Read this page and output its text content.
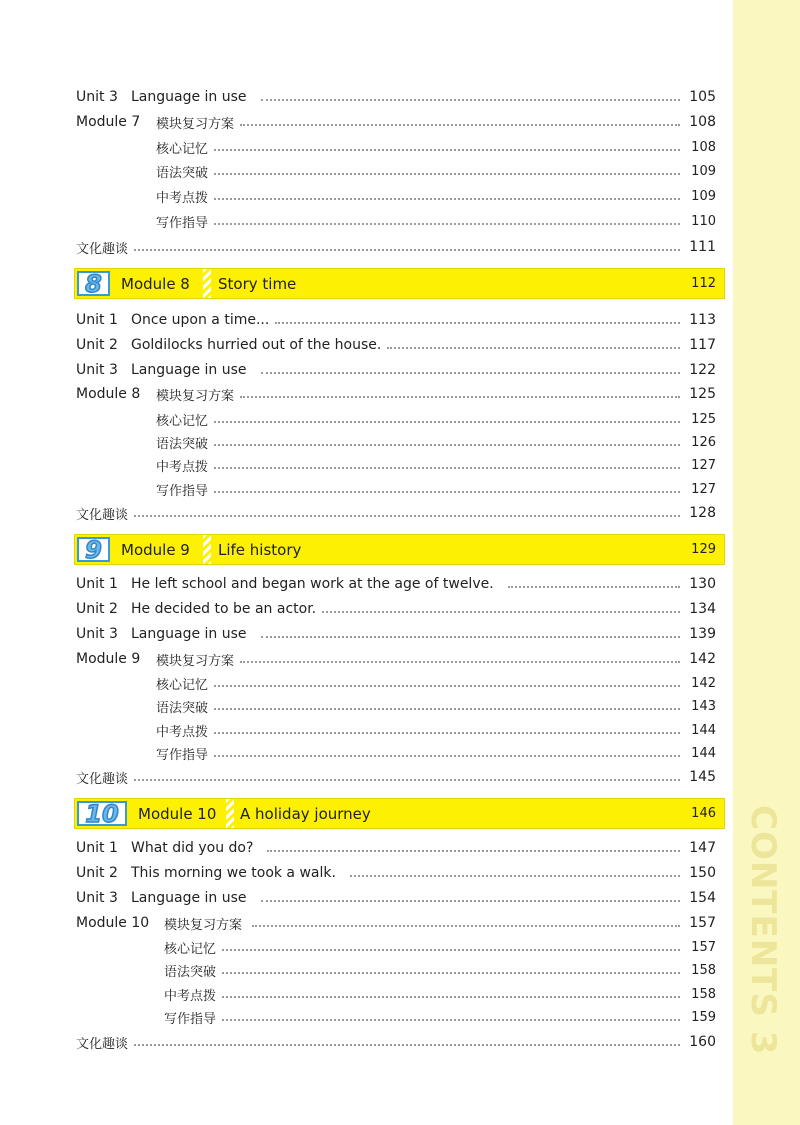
CONTENTS 3
Unit 3 Language in use	105
Module 7	模块复习方案	108
核心记忆	108
语法突破	109
中考点拨	109
写作指导	110
文化趣谈	111
8 Module 8 Story time	112
Unit 1 Once upon a time...	113
Unit 2 Goldilocks hurried out of the house.	117
Unit 3 Language in use	122
Module 8	模块复习方案	125
核心记忆	125
语法突破	126
中考点拨	127
写作指导	127
文化趣谈	128
9 Module 9 Life history	129
Unit 1 He left school and began work at the age of twelve.	130
Unit 2 He decided to be an actor.	134
Unit 3 Language in use	139
Module 9	模块复习方案	142
核心记忆	142
语法突破	143
中考点拨	144
写作指导	144
文化趣谈	145
10 Module 10 A holiday journey	146
Unit 1 What did you do?	147
Unit 2 This morning we took a walk.	150
Unit 3 Language in use	154
Module 10	模块复习方案	157
核心记忆	157
语法突破	158
中考点拨	158
写作指导	159
文化趣谈	160
